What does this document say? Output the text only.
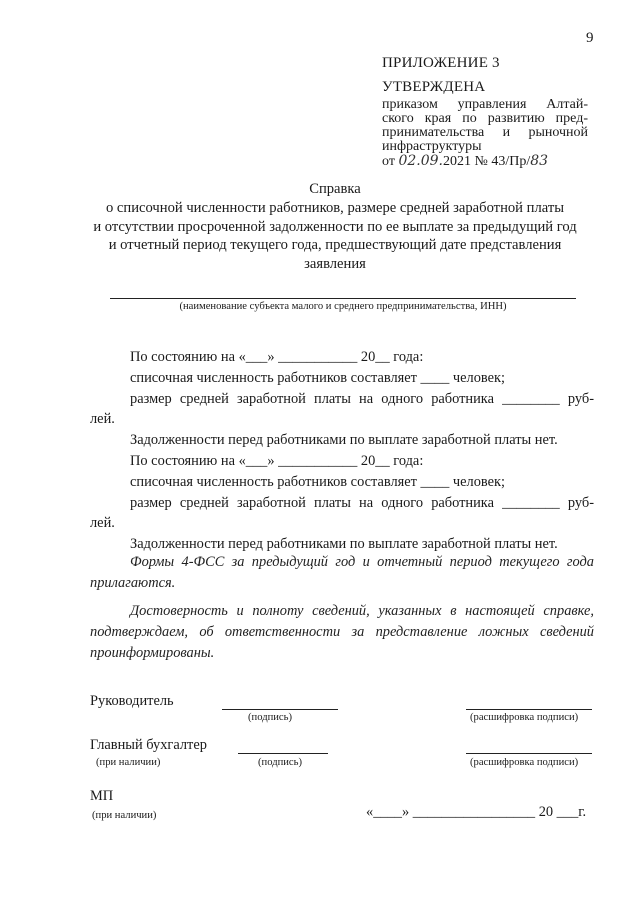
9
ПРИЛОЖЕНИЕ 3
УТВЕРЖДЕНА
приказом управления Алтай-
ского края по развитию пред-
принимательства и рыночной
инфраструктуры
от 02.09.2021 № 43/Пр/83
Справка
о списочной численности работников, размере средней заработной платы
и отсутствии просроченной задолженности по ее выплате за предыдущий год
и отчетный период текущего года, предшествующий дате представления
заявления
(наименование субъекта малого и среднего предпринимательства, ИНН)
По состоянию на «___» ___________ 20__ года:
списочная численность работников составляет ____ человек;
размер средней заработной платы на одного работника ________ руб-
лей.
Задолженности перед работниками по выплате заработной платы нет.
По состоянию на «___» ___________ 20__ года:
списочная численность работников составляет ____ человек;
размер средней заработной платы на одного работника ________ руб-
лей.
Задолженности перед работниками по выплате заработной платы нет.
Формы 4-ФСС за предыдущий год и отчетный период текущего года
прилагаются.
Достоверность и полноту сведений, указанных в настоящей справке,
подтверждаем, об ответственности за представление ложных сведений
проинформированы.
Руководитель
(подпись)	(расшифровка подписи)
Главный бухгалтер
(при наличии)	(подпись)	(расшифровка подписи)
МП
(при наличии)	«____» _________________ 20 ___г.
